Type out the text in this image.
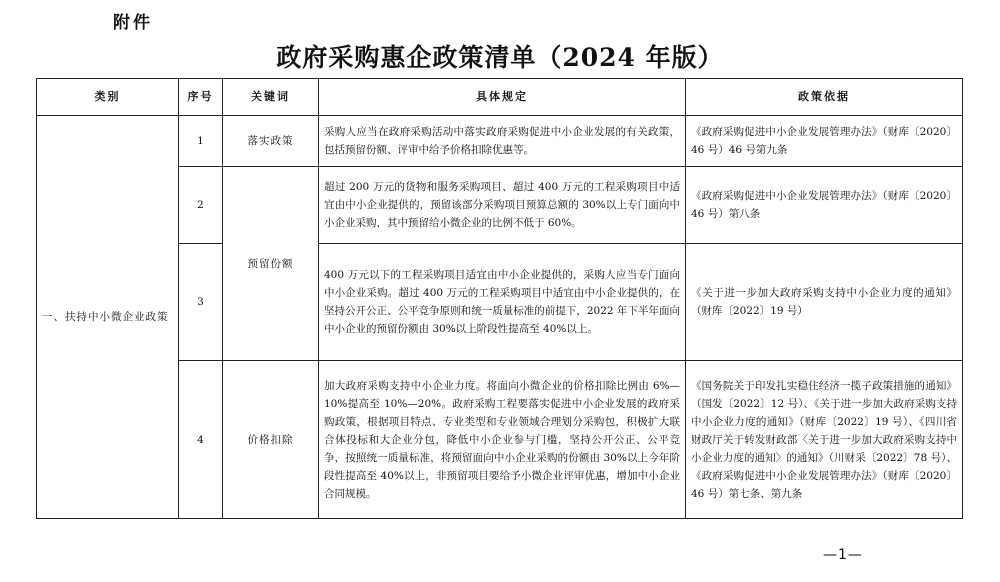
附件
政府采购惠企政策清单（2024 年版）
类别	序号	关键词	具体规定	政策依据
一、扶持中小微企业政策	1	落实政策	采购人应当在政府采购活动中落实政府采购促进中小企业发展的有关政策，包括预留份额、评审中给予价格扣除优惠等。	《政府采购促进中小企业发展管理办法》（财库〔2020〕46 号）46 号第九条
	2	预留份额	超过 200 万元的货物和服务采购项目、超过 400 万元的工程采购项目中适宜由中小企业提供的，预留该部分采购项目预算总额的 30%以上专门面向中小企业采购，其中预留给小微企业的比例不低于 60%。	《政府采购促进中小企业发展管理办法》（财库〔2020〕46 号）第八条
	3		400 万元以下的工程采购项目适宜由中小企业提供的，采购人应当专门面向中小企业采购。超过 400 万元的工程采购项目中适宜由中小企业提供的，在坚持公开公正、公平竞争原则和统一质量标准的前提下，2022 年下半年面向中小企业的预留份额由 30%以上阶段性提高至 40%以上。	《关于进一步加大政府采购支持中小企业力度的通知》（财库〔2022〕19 号）
	4	价格扣除	加大政府采购支持中小企业力度。将面向小微企业的价格扣除比例由 6%—10%提高至 10%—20%。政府采购工程要落实促进中小企业发展的政府采购政策，根据项目特点、专业类型和专业领域合理划分采购包，积极扩大联合体投标和大企业分包，降低中小企业参与门槛，坚持公开公正、公平竞争，按照统一质量标准，将预留面向中小企业采购的份额由 30%以上今年阶段性提高至 40%以上，非预留项目要给予小微企业评审优惠，增加中小企业合同规模。	《国务院关于印发扎实稳住经济一揽子政策措施的通知》（国发〔2022〕12 号）、《关于进一步加大政府采购支持中小企业力度的通知》（财库〔2022〕19 号）、《四川省财政厅关于转发财政部〈关于进一步加大政府采购支持中小企业力度的通知〉的通知》（川财采〔2022〕78 号）、《政府采购促进中小企业发展管理办法》（财库〔2020〕46 号）第七条、第九条
—1—
